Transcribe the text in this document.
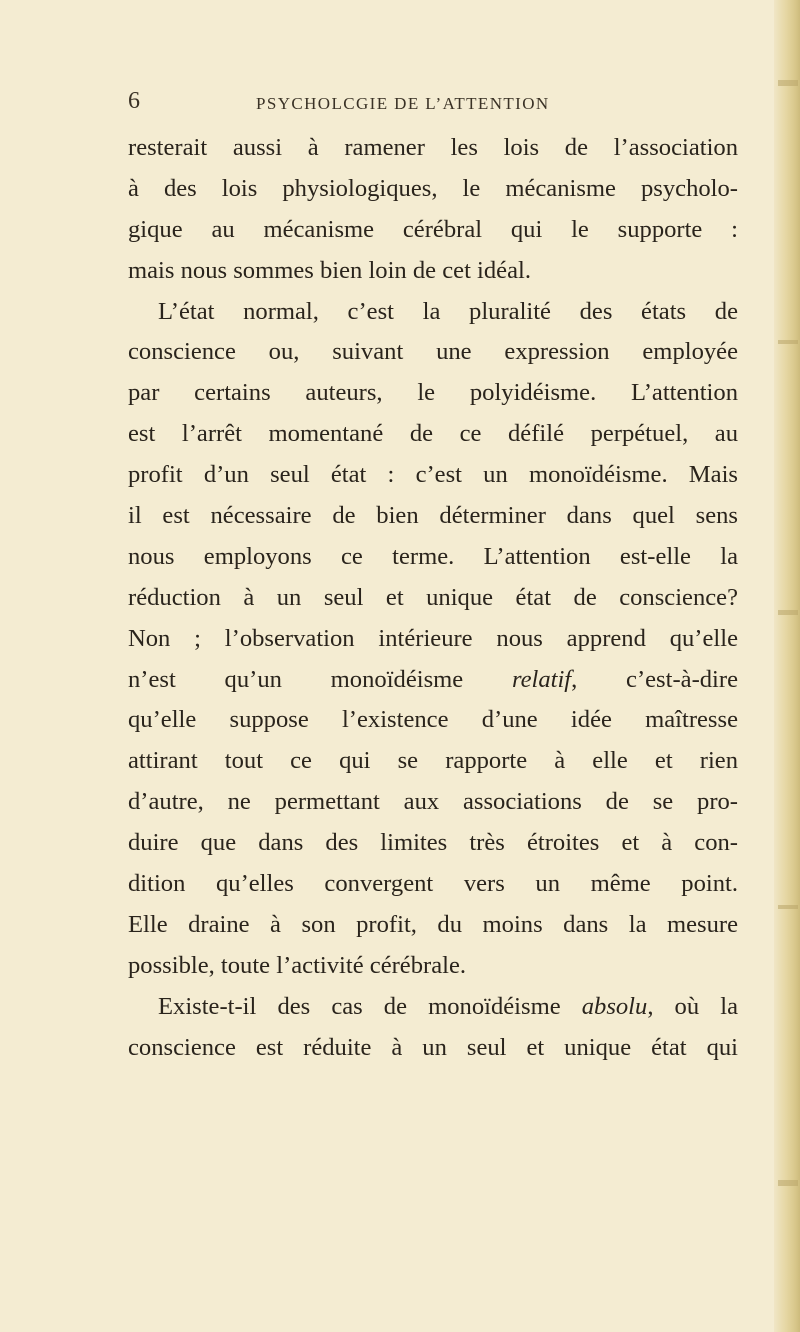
6	PSYCHOLCGIE DE L’ATTENTION
resterait aussi à ramener les lois de l’association
à des lois physiologiques, le mécanisme psycholo-
gique au mécanisme cérébral qui le supporte :
mais nous sommes bien loin de cet idéal.
L’état normal, c’est la pluralité des états de
conscience ou, suivant une expression employée
par certains auteurs, le polyidéisme. L’attention
est l’arrêt momentané de ce défilé perpétuel, au
profit d’un seul état : c’est un monoïdéisme. Mais
il est nécessaire de bien déterminer dans quel sens
nous employons ce terme. L’attention est-elle la
réduction à un seul et unique état de conscience?
Non ; l’observation intérieure nous apprend qu’elle
n’est qu’un monoïdéisme relatif, c’est-à-dire
qu’elle suppose l’existence d’une idée maîtresse
attirant tout ce qui se rapporte à elle et rien
d’autre, ne permettant aux associations de se pro-
duire que dans des limites très étroites et à con-
dition qu’elles convergent vers un même point.
Elle draine à son profit, du moins dans la mesure
possible, toute l’activité cérébrale.
Existe-t-il des cas de monoïdéisme absolu, où la
conscience est réduite à un seul et unique état qui
